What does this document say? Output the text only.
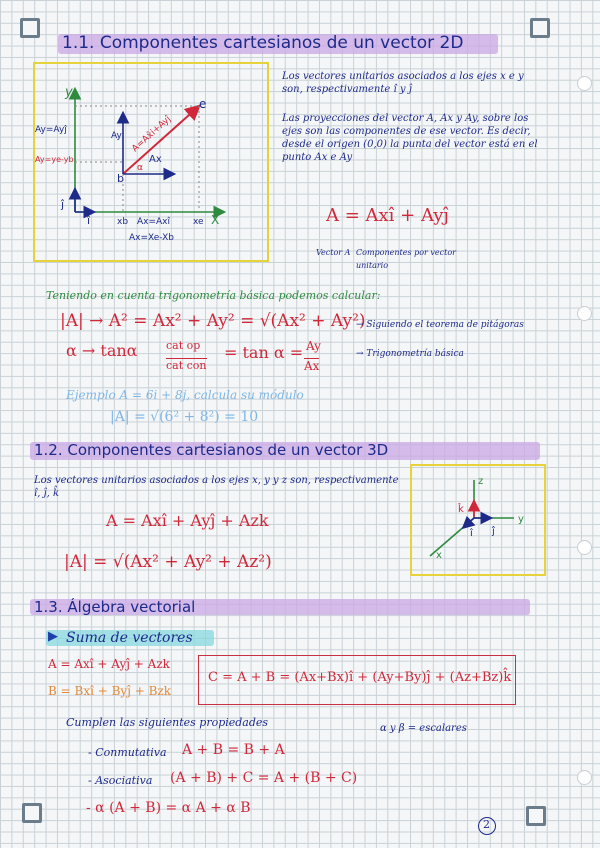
1.1. Componentes cartesianos de un vector 2D
y
X
e
b
Ay=Ayĵ
Ay=ye-yb
Ay
Ax
α
A=Ax̂i+Ayĵ
xb Ax=Axî	xe
Ax=Xe-Xb
ĵ
î
Los vectores unitarios asociados a los ejes x e y son, respectivamente î y ĵ
Las proyecciones del vector A, Ax y Ay, sobre los ejes son las componentes de ese vector. Es decir, desde el origen (0,0) la punta del vector está en el punto Ax e Ay
A = Axî + Ayĵ
Vector A Componentes por vector unitario
Teniendo en cuenta trigonometría básica podemos calcular:
|A| → A² = Ax² + Ay² = √(Ax² + Ay²)
→ Siguiendo el teorema de pitágoras
α → tanα	cat op
cat con
= tan α = Ay
Ax
→ Trigonometría básica
Ejemplo A = 6i + 8j, calcula su módulo
|A| = √(6² + 8²) = 10
1.2. Componentes cartesianos de un vector 3D
Los vectores unitarios asociados a los ejes x, y y z son, respectivamente î, ĵ, k̂
A = Axî + Ayĵ + Azk
|A| = √(Ax² + Ay² + Az²)
z
y
x
k̂
î ĵ
1.3. Álgebra vectorial
▶ Suma de vectores
A = Axî + Ayĵ + Azk
B = Bxî + Byĵ + Bzk
C = A + B = (Ax+Bx)î + (Ay+By)ĵ + (Az+Bz)k̂
Cumplen las siguientes propiedades	α y β = escalares
- Conmutativa A + B = B + A
- Asociativa (A + B) + C = A + (B + C)
- α (A + B) = α A + α B
2
